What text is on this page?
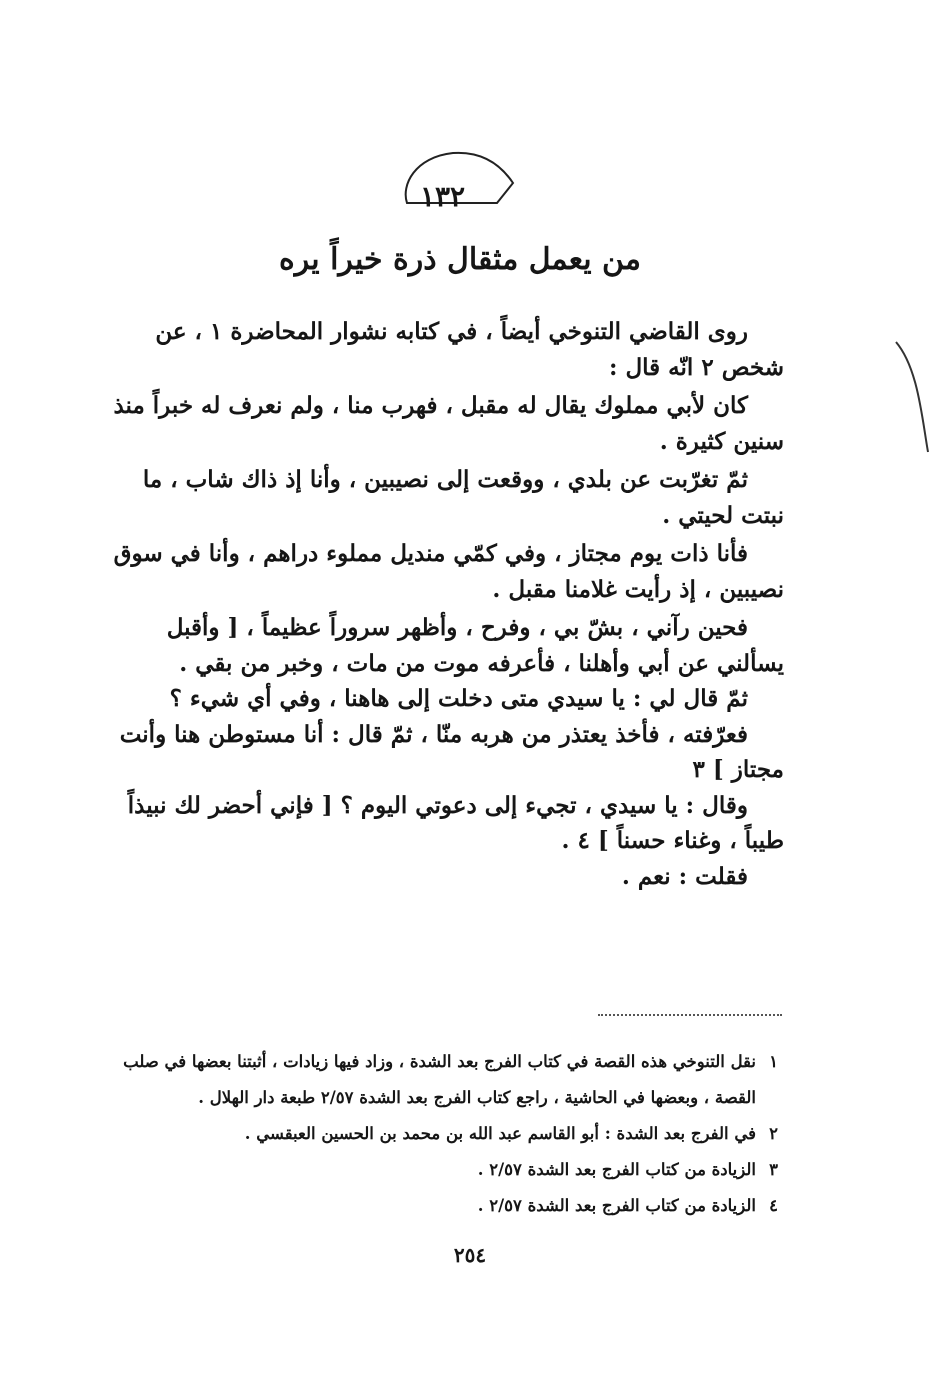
١٣٢
من يعمل مثقال ذرة خيراً يره

روى القاضي التنوخي أيضاً ، في كتابه نشوار المحاضرة ١ ، عن شخص ٢ انّه قال :

كان لأبي مملوك يقال له مقبل ، فهرب منا ، ولم نعرف له خبراً منذ سنين كثيرة .

ثمّ تغرّبت عن بلدي ، ووقعت إلى نصيبين ، وأنا إذ ذاك شاب ، ما نبتت لحيتي .

فأنا ذات يوم مجتاز ، وفي كمّي منديل مملوء دراهم ، وأنا في سوق نصيبين ، إذ رأيت غلامنا مقبل .

فحين رآني ، بشّ بي ، وفرح ، وأظهر سروراً عظيماً ، [ وأقبل يسألني عن أبي وأهلنا ، فأعرفه موت من مات ، وخبر من بقي .

ثمّ قال لي : يا سيدي متى دخلت إلى هاهنا ، وفي أي شيء ؟

فعرّفته ، فأخذ يعتذر من هربه منّا ، ثمّ قال : أنا مستوطن هنا وأنت مجتاز ] ٣

وقال : يا سيدي ، تجيء إلى دعوتي اليوم ؟ [ فإني أحضر لك نبيذاً طيباً ، وغناء حسناً ] ٤ .

فقلت : نعم .

١
نقل التنوخي هذه القصة في كتاب الفرج بعد الشدة ، وزاد فيها زيادات ، أثبتنا بعضها في صلب القصة ، وبعضها في الحاشية ، راجع كتاب الفرج بعد الشدة ٢/٥٧ طبعة دار الهلال .

٢
في الفرج بعد الشدة : أبو القاسم عبد الله بن محمد بن الحسين العبقسي .

٣
الزيادة من كتاب الفرج بعد الشدة ٢/٥٧ .

٤
الزيادة من كتاب الفرج بعد الشدة ٢/٥٧ .

٢٥٤
